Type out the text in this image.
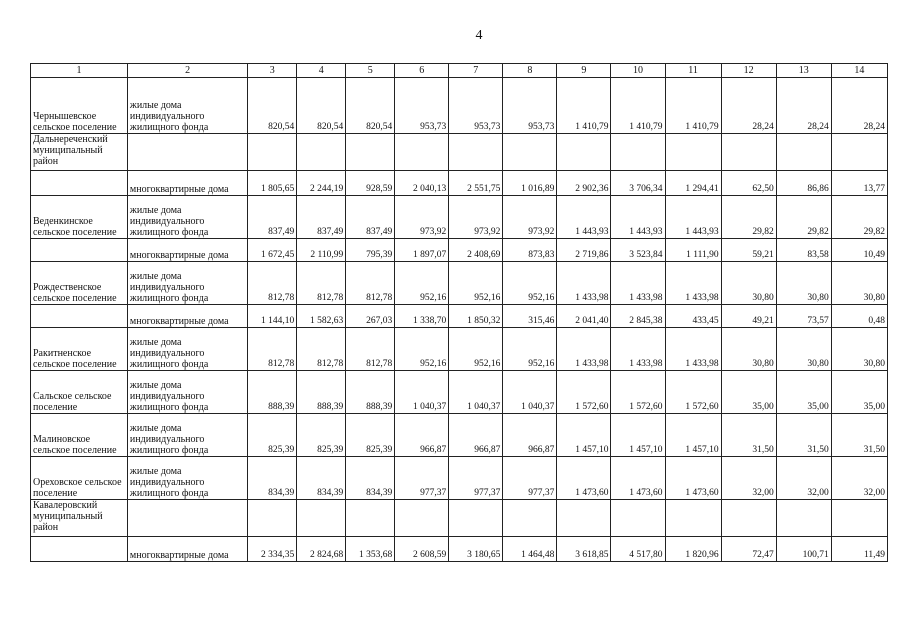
4
1	2	3	4	5	6	7	8	9	10	11	12	13	14
Чернышевское сельское поселение	жилые дома индивидуального жилищного фонда	820,54	820,54	820,54	953,73	953,73	953,73	1 410,79	1 410,79	1 410,79	28,24	28,24	28,24
Дальнереченский муниципальный район													
	многоквартирные дома	1 805,65	2 244,19	928,59	2 040,13	2 551,75	1 016,89	2 902,36	3 706,34	1 294,41	62,50	86,86	13,77
Веденкинское сельское поселение	жилые дома индивидуального жилищного фонда	837,49	837,49	837,49	973,92	973,92	973,92	1 443,93	1 443,93	1 443,93	29,82	29,82	29,82
	многоквартирные дома	1 672,45	2 110,99	795,39	1 897,07	2 408,69	873,83	2 719,86	3 523,84	1 111,90	59,21	83,58	10,49
Рождественское сельское поселение	жилые дома индивидуального жилищного фонда	812,78	812,78	812,78	952,16	952,16	952,16	1 433,98	1 433,98	1 433,98	30,80	30,80	30,80
	многоквартирные дома	1 144,10	1 582,63	267,03	1 338,70	1 850,32	315,46	2 041,40	2 845,38	433,45	49,21	73,57	0,48
Ракитненское сельское поселение	жилые дома индивидуального жилищного фонда	812,78	812,78	812,78	952,16	952,16	952,16	1 433,98	1 433,98	1 433,98	30,80	30,80	30,80
Сальское сельское поселение	жилые дома индивидуального жилищного фонда	888,39	888,39	888,39	1 040,37	1 040,37	1 040,37	1 572,60	1 572,60	1 572,60	35,00	35,00	35,00
Малиновское сельское поселение	жилые дома индивидуального жилищного фонда	825,39	825,39	825,39	966,87	966,87	966,87	1 457,10	1 457,10	1 457,10	31,50	31,50	31,50
Ореховское сельское поселение	жилые дома индивидуального жилищного фонда	834,39	834,39	834,39	977,37	977,37	977,37	1 473,60	1 473,60	1 473,60	32,00	32,00	32,00
Кавалеровский муниципальный район													
	многоквартирные дома	2 334,35	2 824,68	1 353,68	2 608,59	3 180,65	1 464,48	3 618,85	4 517,80	1 820,96	72,47	100,71	11,49
